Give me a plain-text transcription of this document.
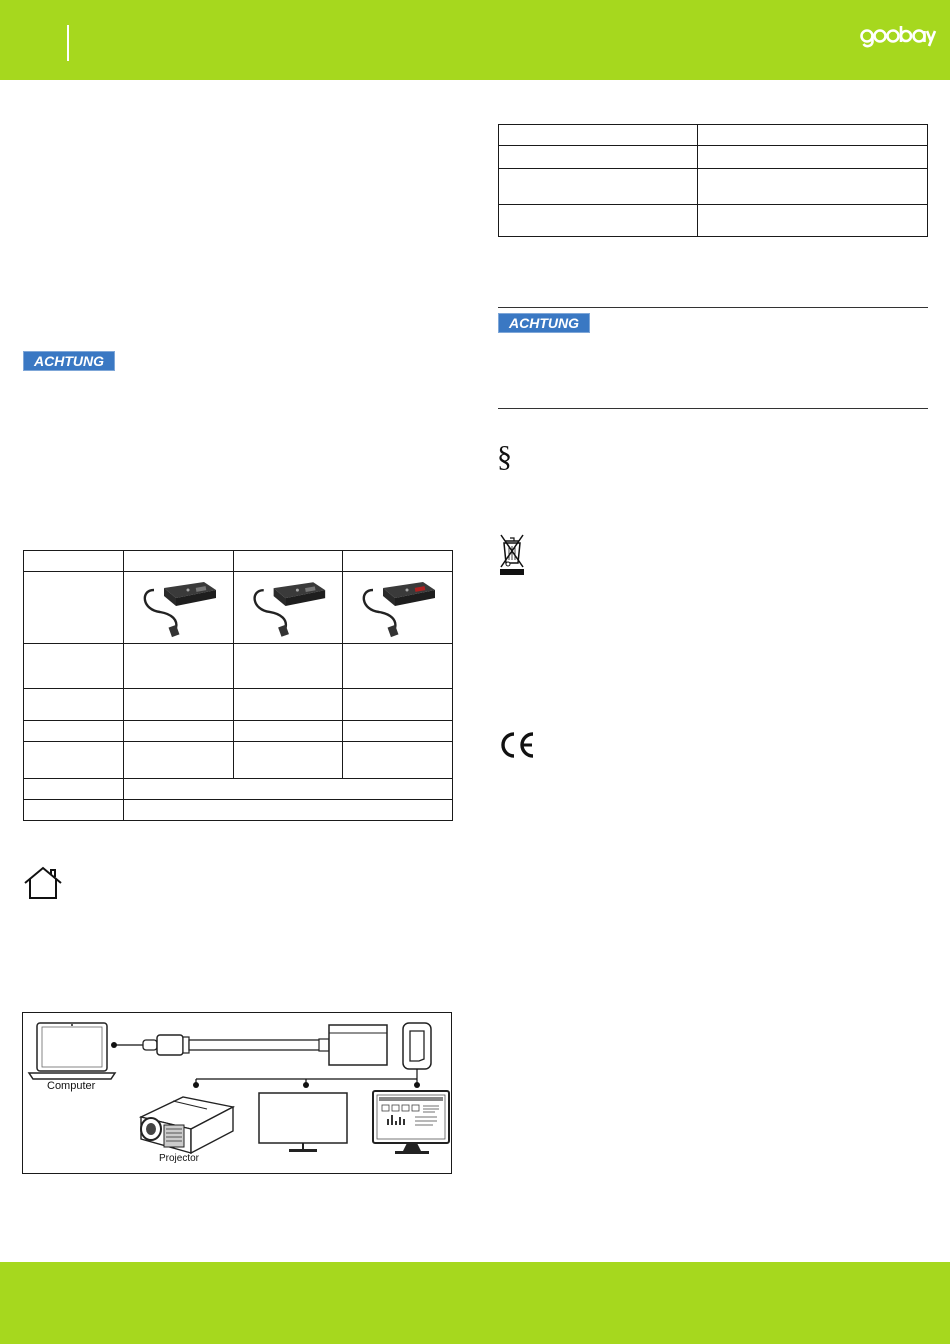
ACHTUNG

Computer
Projector

ACHTUNG
§
